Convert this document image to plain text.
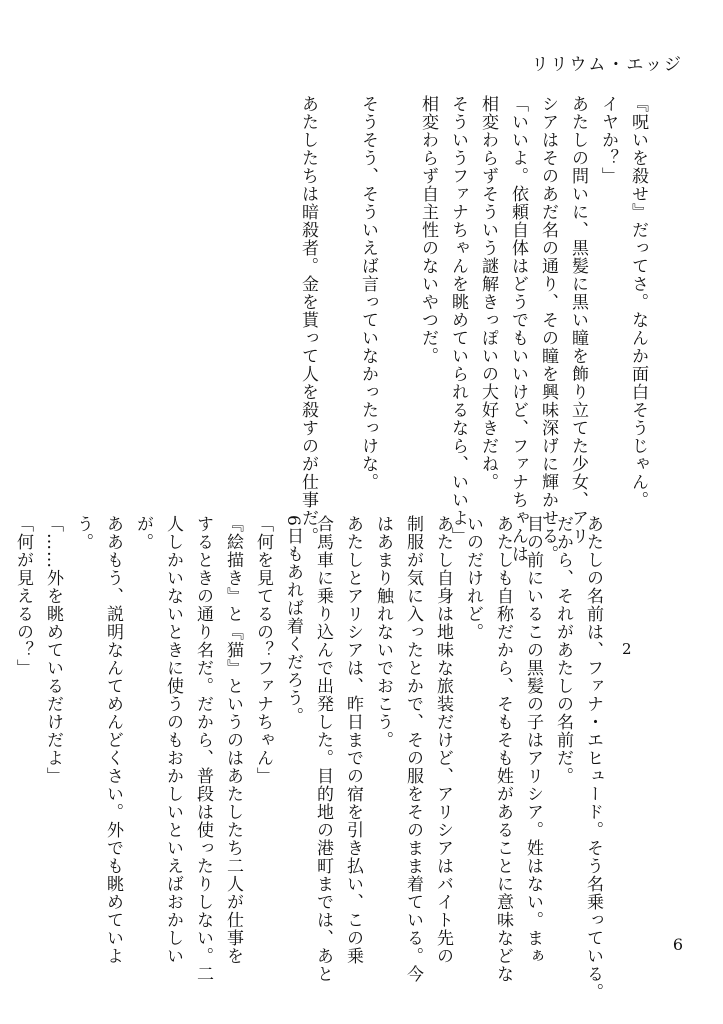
リリウム・エッジ
2
6
『呪いを殺せ』だってさ。なんか面白そうじゃん。
イヤか？」
あたしの問いに、黒髪に黒い瞳を飾り立てた少女、アリ
シアはそのあだ名の通り、その瞳を興味深げに輝かせる。
「いいよ。依頼自体はどうでもいいけど、ファナちゃんは
相変わらずそういう謎解きっぽいの大好きだね。
そういうファナちゃんを眺めていられるなら、いいよ」
相変わらず自主性のないやつだ。
そうそう、そういえば言っていなかったっけな。
あたしたちは暗殺者。金を貰って人を殺すのが仕事だ。
あたしの名前は、ファナ・エヒュード。そう名乗っている。
だから、それがあたしの名前だ。
目の前にいるこの黒髪の子はアリシア。姓はない。まぁ
あたしも自称だから、そもそも姓があることに意味などな
いのだけれど。
あたし自身は地味な旅装だけど、アリシアはバイト先の
制服が気に入ったとかで、その服をそのまま着ている。今
はあまり触れないでおこう。
あたしとアリシアは、昨日までの宿を引き払い、この乗
合馬車に乗り込んで出発した。目的地の港町までは、あと
6日もあれば着くだろう。
「何を見てるの？ファナちゃん」
『絵描き』と『猫』というのはあたしたち二人が仕事を
するときの通り名だ。だから、普段は使ったりしない。二
人しかいないときに使うのもおかしいといえばおかしい
が。
ああもう、説明なんてめんどくさい。外でも眺めていよ
う。
「……外を眺めているだけだよ」
「何が見えるの？」
